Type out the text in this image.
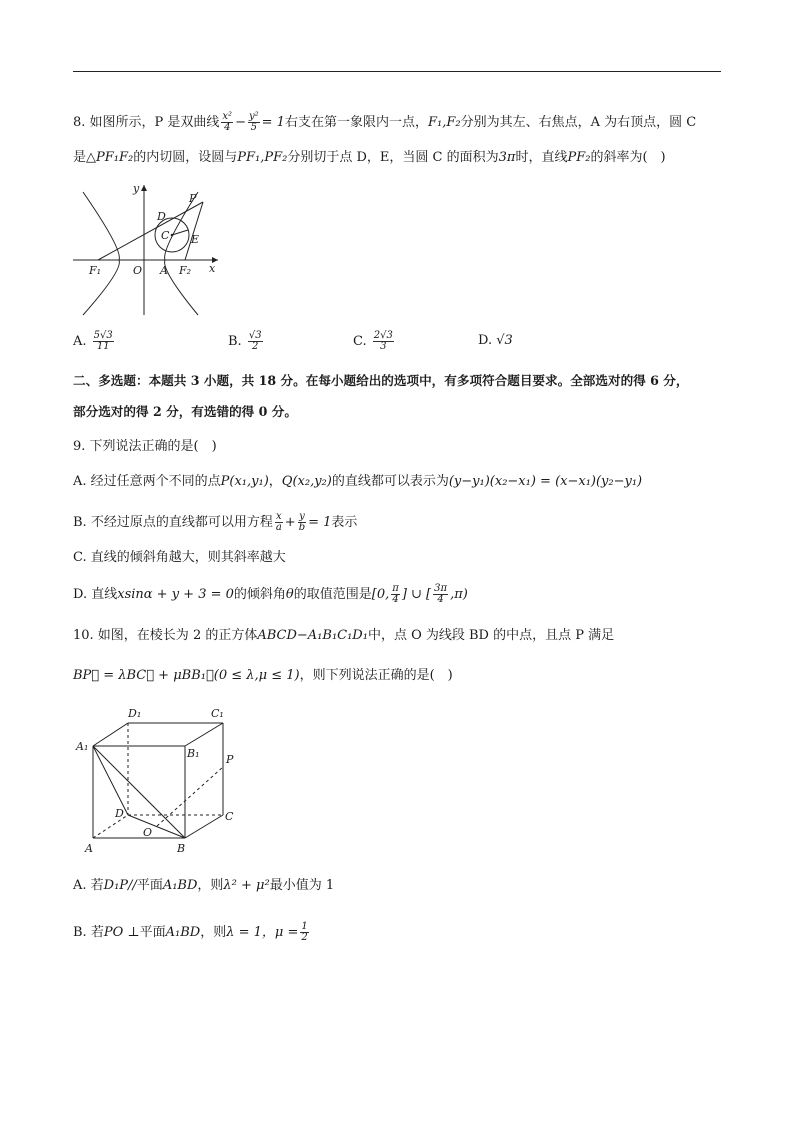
8. 如图所示，P 是双曲线 $\frac{\text{x²}}{4} - \frac{\text{y²}}{5} = 1$右支在第一象限内一点，F₁,F₂分别为其左、右焦点，A 为右顶点，圆 C
是△PF₁F₂的内切圆，设圆与PF₁,PF₂分别切于点 D，E，当圆 C 的面积为3π时，直线PF₂的斜率为(　)
y
x
P
D
C E
F₁	O A F₂
A. $\frac{5√3}{11}$	B. $\frac{√3}{2}$	C. $\frac{2√3}{3}$	D. √3
二、多选题：本题共 3 小题，共 18 分。在每小题给出的选项中，有多项符合题目要求。全部选对的得 6 分，
部分选对的得 2 分，有选错的得 0 分。
9. 下列说法正确的是(　)
A. 经过任意两个不同的点P(x₁,y₁)，Q(x₂,y₂)的直线都可以表示为(y−y₁)(x₂−x₁) = (x−x₁)(y₂−y₁)
B. 不经过原点的直线都可以用方程 $\frac{x}{a} + \frac{y}{b} = 1$表示
C. 直线的倾斜角越大，则其斜率越大
D. 直线xsinα + y + 3 = 0的倾斜角θ的取值范围是[0, $\frac{\pi}{4}$ ] ∪ [ $\frac{3\pi}{4} ,\pi$)
10. 如图，在棱长为 2 的正方体ABCD−A₁B₁C₁D₁中，点 O 为线段 BD 的中点，且点 P 满足
BP⃗ = λBC⃗ + μBB₁⃗(0 ≤ λ,μ ≤ 1)，则下列说法正确的是(　)
D₁	C₁
A₁
B₁ P
D
O
C
A	B
A. 若D₁P//平面A₁BD，则λ² + μ²最小值为 1
B. 若PO ⊥平面A₁BD，则λ = 1，$\mu = \frac{1}{2}$
